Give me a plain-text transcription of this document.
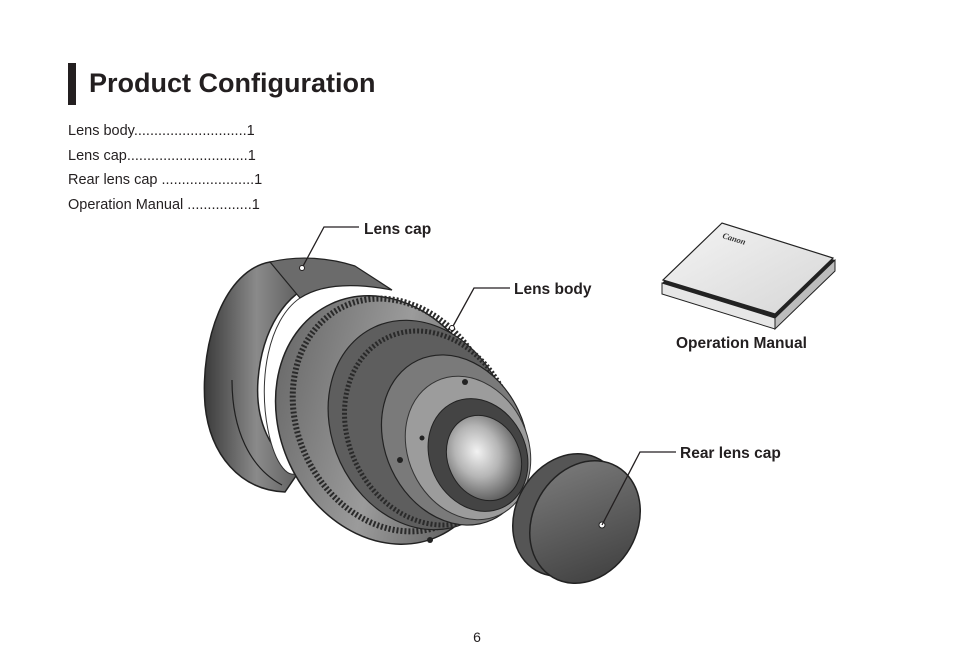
Product Configuration
Lens body............................1
Lens cap..............................1
Rear lens cap .......................1
Operation Manual ................1
Canon
Lens cap
Lens body
Operation Manual
Rear lens cap
6
